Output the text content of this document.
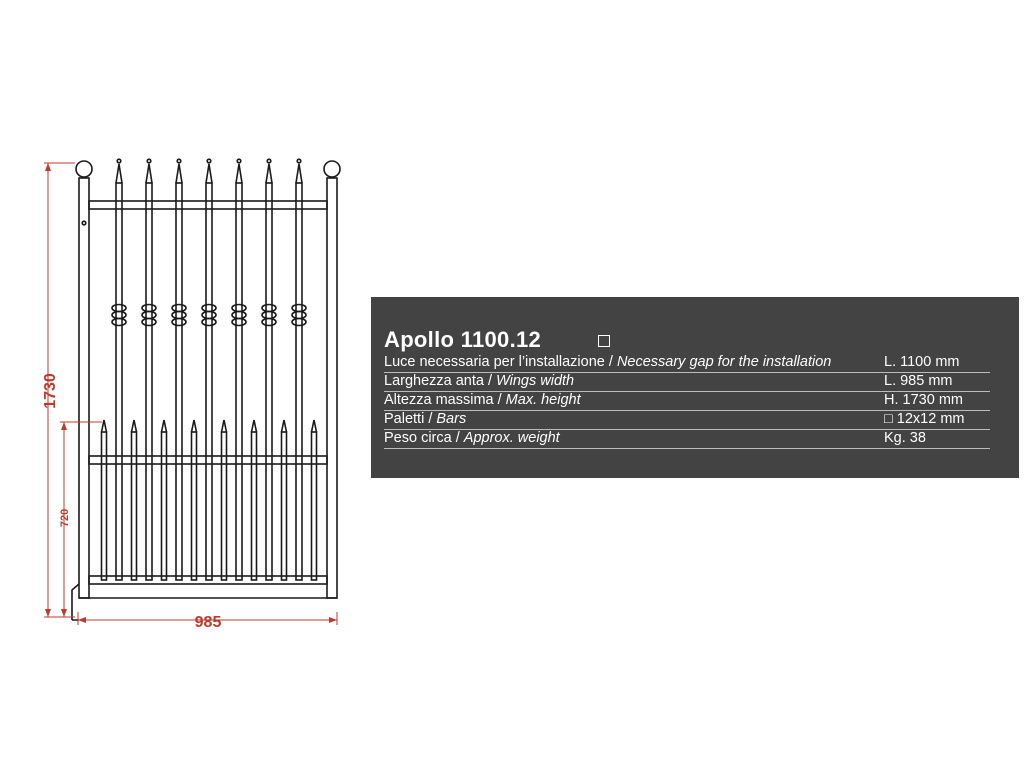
1730
720
985
Apollo 1100.12
Luce necessaria per l’installazione / Necessary gap for the installation	L. 1100 mm
Larghezza anta / Wings width	L. 985 mm
Altezza massima / Max. height	H. 1730 mm
Paletti / Bars	□ 12x12 mm
Peso circa / Approx. weight	Kg. 38
